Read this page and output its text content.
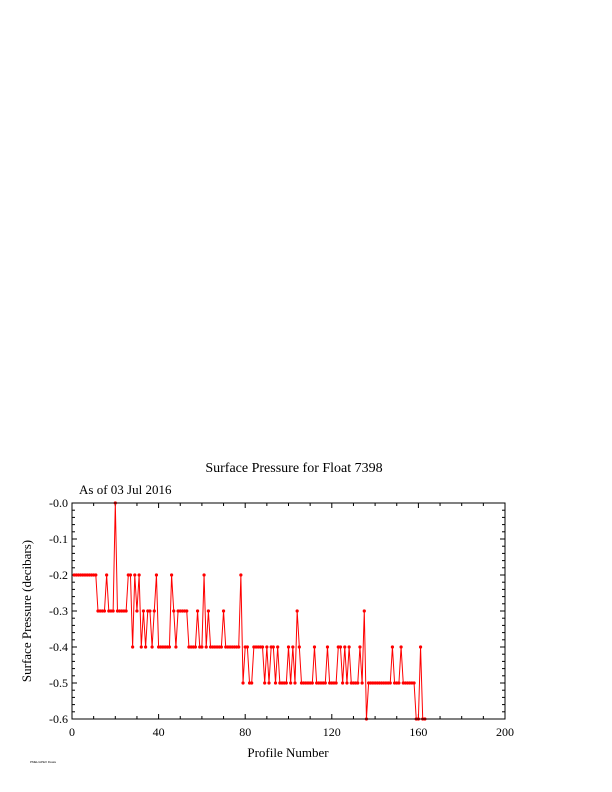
Surface Pressure for Float 7398
As of 03 Jul 2016
0	40	80	120	160	200
-0.6
-0.5
-0.4
-0.3
-0.2
-0.1
-0.0
Profile Number
Surface Pressure (decibars)
PMEL/APEX Floats
